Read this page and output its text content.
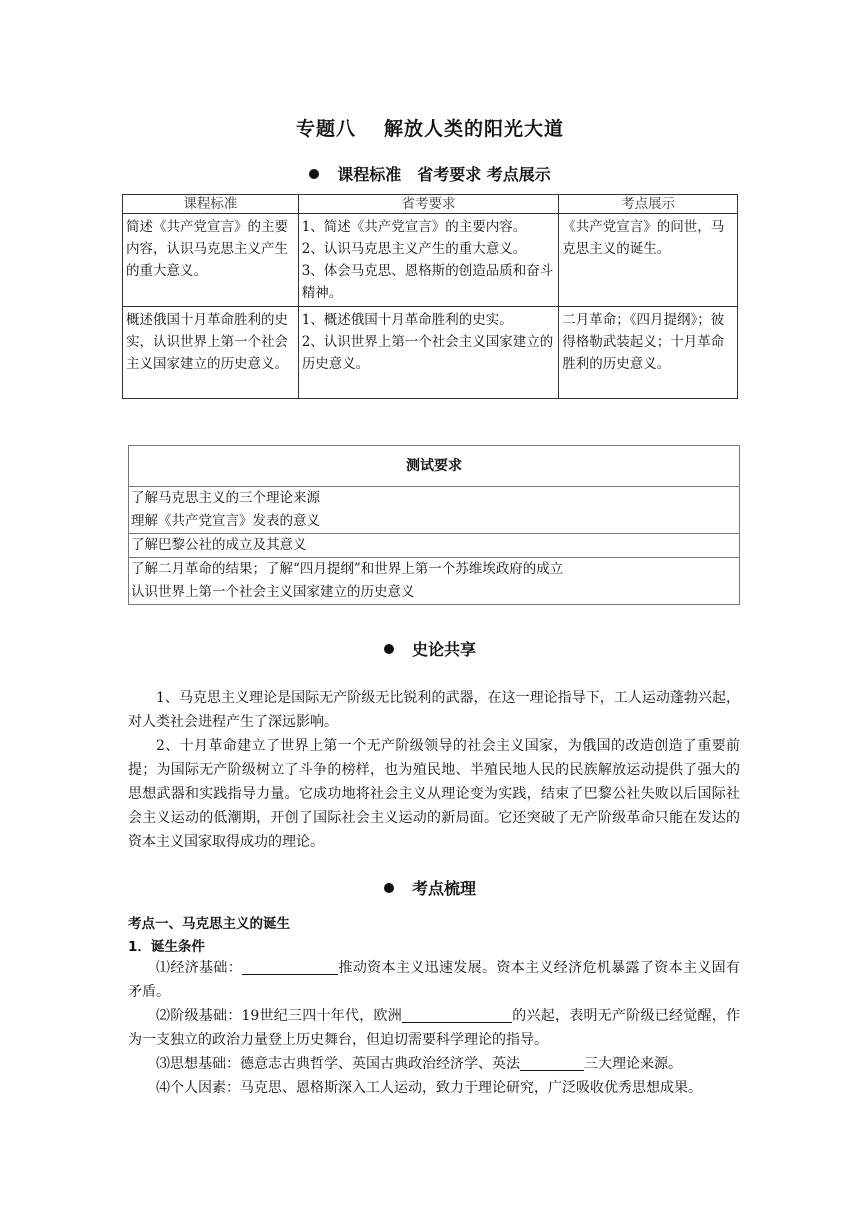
专题八 解放人类的阳光大道
课程标准　省考要求 考点展示
课程标准	省考要求	考点展示
简述《共产党宣言》的主要内容，认识马克思主义产生的重大意义。	1、简述《共产党宣言》的主要内容。
2、认识马克思主义产生的重大意义。
3、体会马克思、恩格斯的创造品质和奋斗精神。	《共产党宣言》的问世，马克思主义的诞生。
概述俄国十月革命胜利的史实，认识世界上第一个社会主义国家建立的历史意义。	1、概述俄国十月革命胜利的史实。
2、认识世界上第一个社会主义国家建立的历史意义。	二月革命；《四月提纲》；彼得格勒武装起义；十月革命胜利的历史意义。
测试要求

了解马克思主义的三个理论来源
理解《共产党宣言》发表的意义

了解巴黎公社的成立及其意义

了解二月革命的结果；了解“四月提纲”和世界上第一个苏维埃政府的成立
认识世界上第一个社会主义国家建立的历史意义
史论共享

1、马克思主义理论是国际无产阶级无比锐利的武器，在这一理论指导下，工人运动蓬勃兴起，对人类社会进程产生了深远影响。

2、十月革命建立了世界上第一个无产阶级领导的社会主义国家，为俄国的改造创造了重要前提；为国际无产阶级树立了斗争的榜样，也为殖民地、半殖民地人民的民族解放运动提供了强大的思想武器和实践指导力量。它成功地将社会主义从理论变为实践，结束了巴黎公社失败以后国际社会主义运动的低潮期，开创了国际社会主义运动的新局面。它还突破了无产阶级革命只能在发达的资本主义国家取得成功的理论。

考点梳理

考点一、马克思主义的诞生

1．诞生条件

⑴经济基础：	推动资本主义迅速发展。资本主义经济危机暴露了资本主义固有矛盾。

⑵阶级基础：19世纪三四十年代，欧洲	的兴起，表明无产阶级已经觉醒，作为一支独立的政治力量登上历史舞台，但迫切需要科学理论的指导。

⑶思想基础：德意志古典哲学、英国古典政治经济学、英法	三大理论来源。

⑷个人因素：马克思、恩格斯深入工人运动，致力于理论研究，广泛吸收优秀思想成果。
